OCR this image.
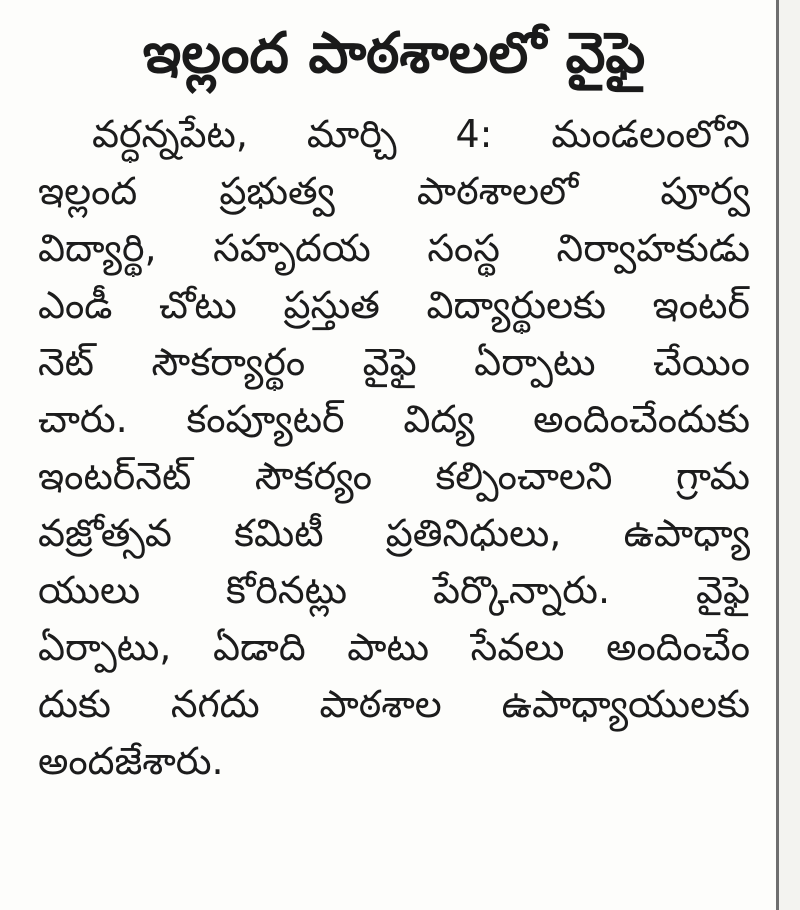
ఇల్లంద పాఠశాలలో వైఫై
వర్ధన్నపేట, మార్చి 4: మండలంలోని
ఇల్లంద ప్రభుత్వ పాఠశాలలో పూర్వ
విద్యార్థి, సహృదయ సంస్థ నిర్వాహకుడు
ఎండీ చోటు ప్రస్తుత విద్యార్థులకు ఇంటర్
నెట్ సౌకర్యార్థం వైఫై ఏర్పాటు చేయిం
చారు. కంప్యూటర్ విద్య అందించేందుకు
ఇంటర్‌నెట్ సౌకర్యం కల్పించాలని గ్రామ
వజ్రోత్సవ కమిటీ ప్రతినిధులు, ఉపాధ్యా
యులు కోరినట్లు పేర్కొన్నారు. వైఫై
ఏర్పాటు, ఏడాది పాటు సేవలు అందించేం
దుకు నగదు పాఠశాల ఉపాధ్యాయులకు
అందజేశారు.
